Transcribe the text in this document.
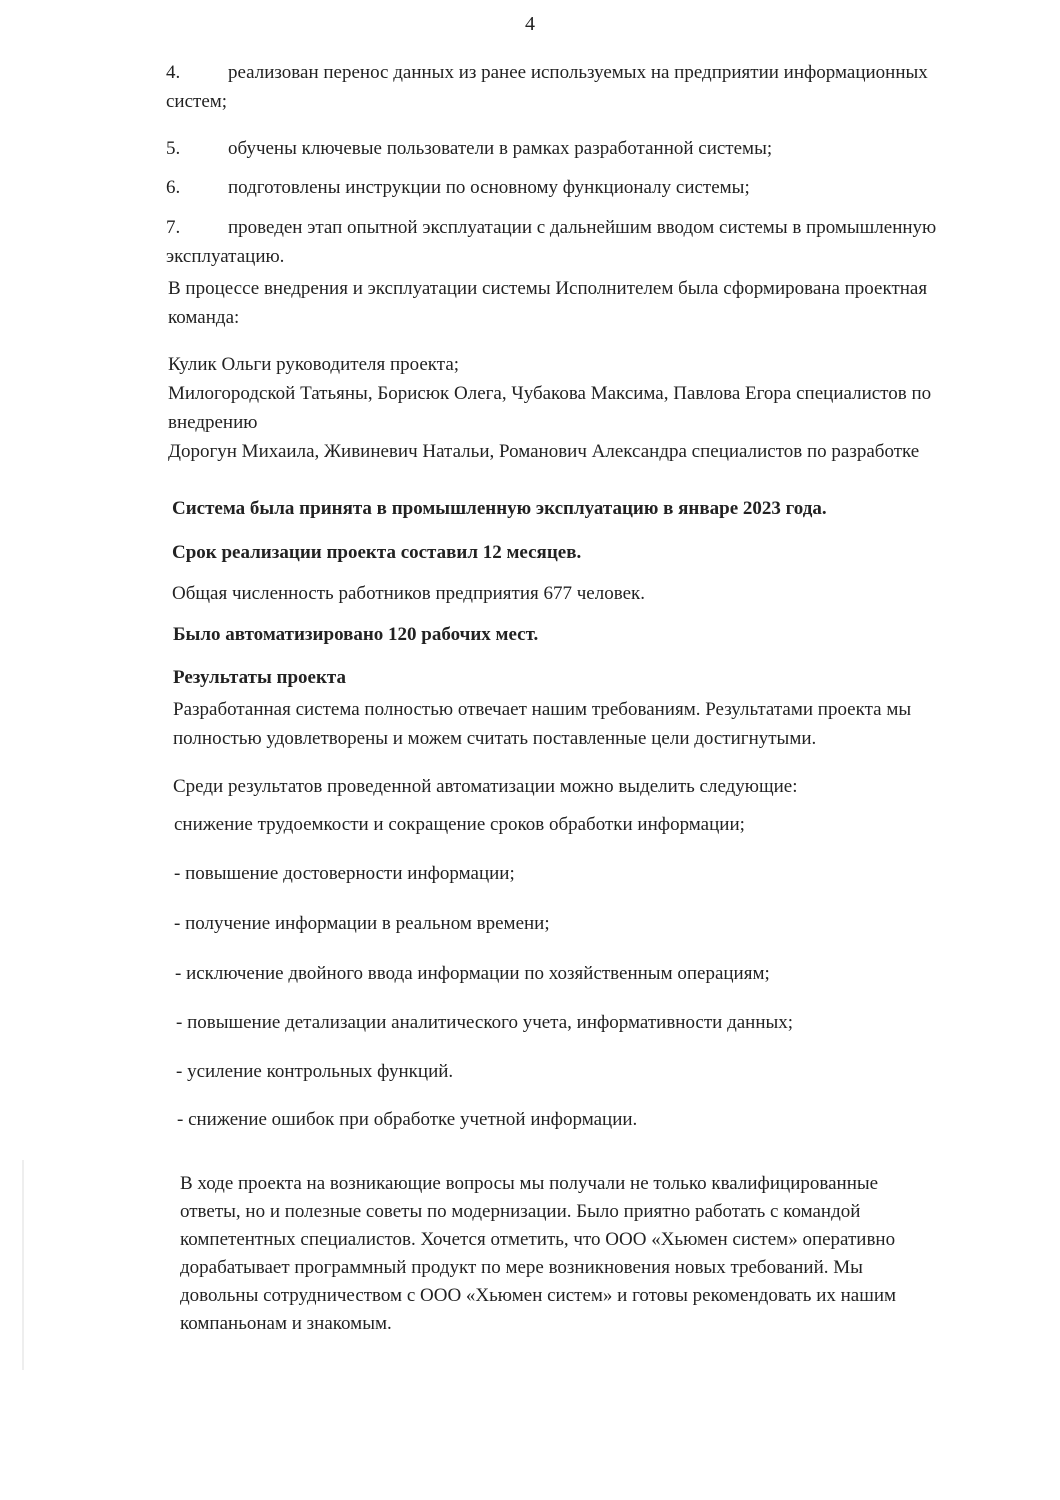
4
4.	реализован перенос данных из ранее используемых на предприятии информационных
систем;
5.	обучены ключевые пользователи в рамках разработанной системы;
6.	подготовлены инструкции по основному функционалу системы;
7.	проведен этап опытной эксплуатации с дальнейшим вводом системы в промышленную
эксплуатацию.
В процессе внедрения и эксплуатации системы Исполнителем была сформирована проектная
команда:
Кулик Ольги руководителя проекта;
Милогородской Татьяны, Борисюк Олега, Чубакова Максима, Павлова Егора специалистов по
внедрению
Дорогун Михаила, Живиневич Натальи, Романович Александра специалистов по разработке
Система была принята в промышленную эксплуатацию в январе 2023 года.
Срок реализации проекта составил 12 месяцев.
Общая численность работников предприятия 677 человек.
Было автоматизировано 120 рабочих мест.
Результаты проекта
Разработанная система полностью отвечает нашим требованиям. Результатами проекта мы
полностью удовлетворены и можем считать поставленные цели достигнутыми.
Среди результатов проведенной автоматизации можно выделить следующие:
снижение трудоемкости и сокращение сроков обработки информации;
- повышение достоверности информации;
- получение информации в реальном времени;
- исключение двойного ввода информации по хозяйственным операциям;
- повышение детализации аналитического учета, информативности данных;
- усиление контрольных функций.
- снижение ошибок при обработке учетной информации.
В ходе проекта на возникающие вопросы мы получали не только квалифицированные
ответы, но и полезные советы по модернизации. Было приятно работать с командой
компетентных специалистов. Хочется отметить, что ООО «Хьюмен систем» оперативно
дорабатывает программный продукт по мере возникновения новых требований. Мы
довольны сотрудничеством с ООО «Хьюмен систем» и готовы рекомендовать их нашим
компаньонам и знакомым.
